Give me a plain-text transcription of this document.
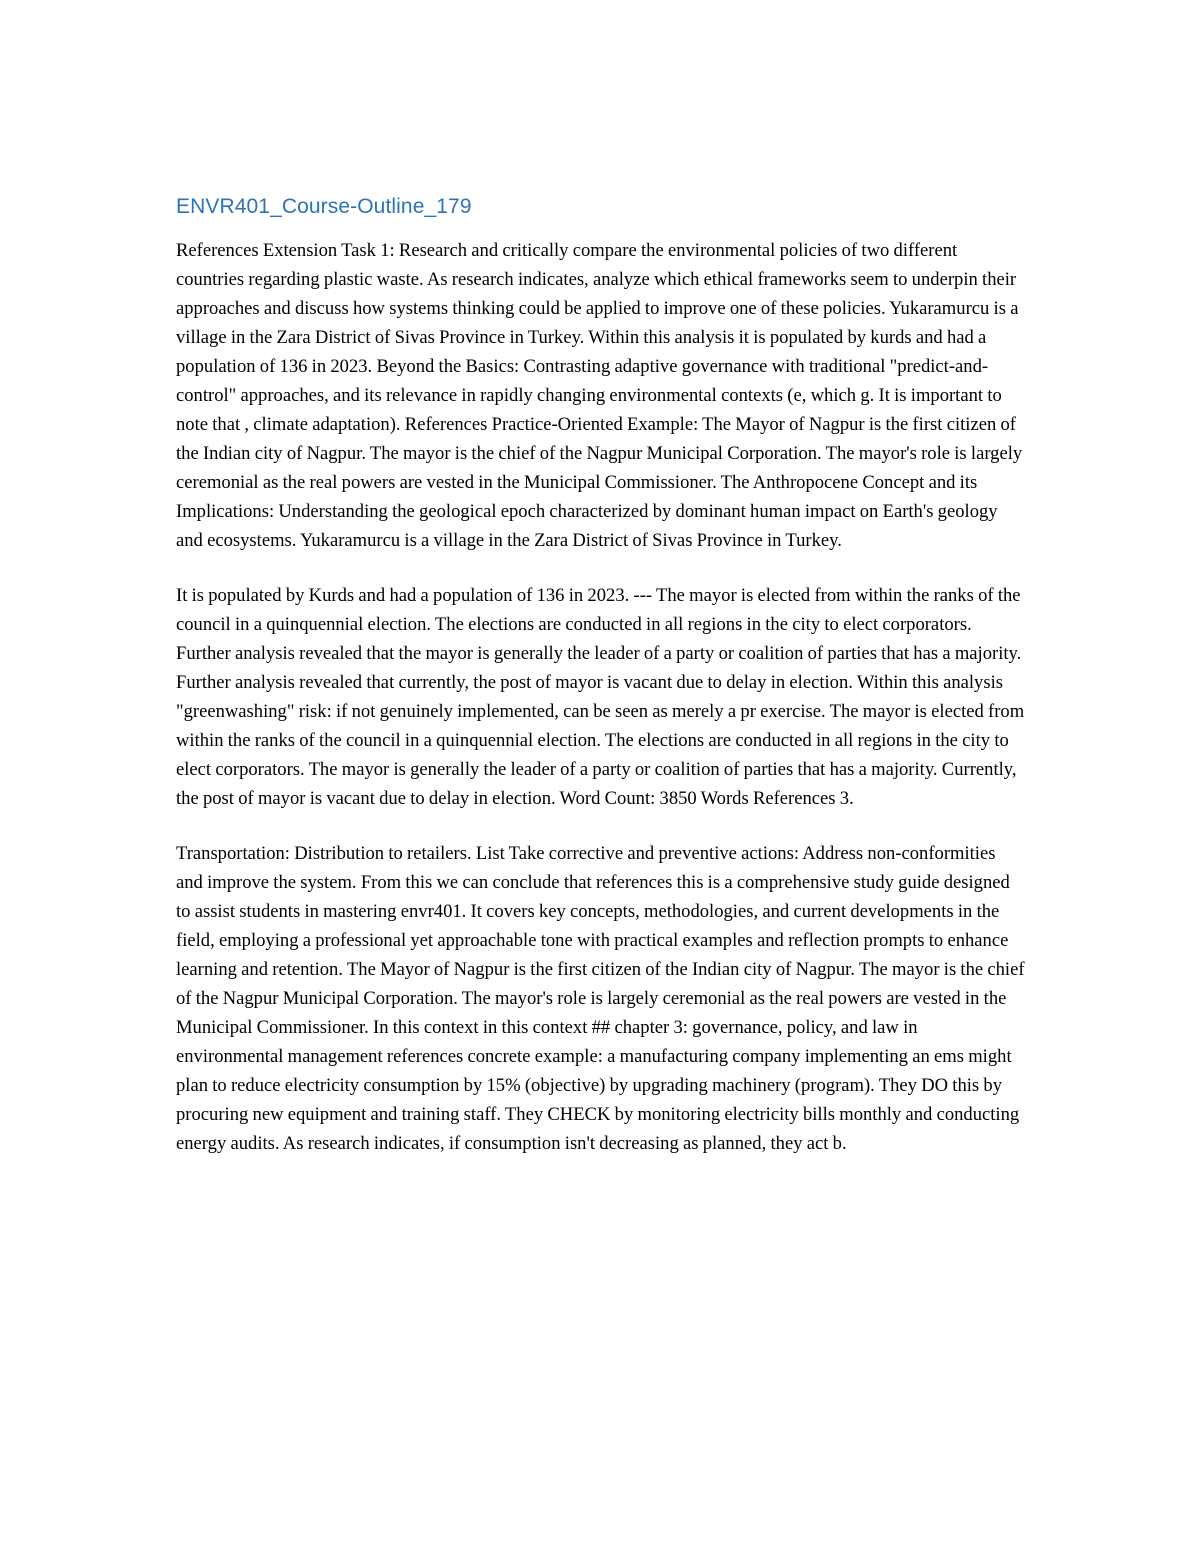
ENVR401_Course-Outline_179

References Extension Task 1: Research and critically compare the environmental policies of two different countries regarding plastic waste. As research indicates, analyze which ethical frameworks seem to underpin their approaches and discuss how systems thinking could be applied to improve one of these policies. Yukaramurcu is a village in the Zara District of Sivas Province in Turkey. Within this analysis it is populated by kurds and had a population of 136 in 2023. Beyond the Basics: Contrasting adaptive governance with traditional "predict-and-control" approaches, and its relevance in rapidly changing environmental contexts (e, which g. It is important to note that , climate adaptation). References Practice-Oriented Example: The Mayor of Nagpur is the first citizen of the Indian city of Nagpur. The mayor is the chief of the Nagpur Municipal Corporation. The mayor's role is largely ceremonial as the real powers are vested in the Municipal Commissioner. The Anthropocene Concept and its Implications: Understanding the geological epoch characterized by dominant human impact on Earth's geology and ecosystems. Yukaramurcu is a village in the Zara District of Sivas Province in Turkey.

It is populated by Kurds and had a population of 136 in 2023. --- The mayor is elected from within the ranks of the council in a quinquennial election. The elections are conducted in all regions in the city to elect corporators. Further analysis revealed that the mayor is generally the leader of a party or coalition of parties that has a majority. Further analysis revealed that currently, the post of mayor is vacant due to delay in election. Within this analysis "greenwashing" risk: if not genuinely implemented, can be seen as merely a pr exercise. The mayor is elected from within the ranks of the council in a quinquennial election. The elections are conducted in all regions in the city to elect corporators. The mayor is generally the leader of a party or coalition of parties that has a majority. Currently, the post of mayor is vacant due to delay in election. Word Count: 3850 Words References 3.

Transportation: Distribution to retailers. List Take corrective and preventive actions: Address non-conformities and improve the system. From this we can conclude that references this is a comprehensive study guide designed to assist students in mastering envr401. It covers key concepts, methodologies, and current developments in the field, employing a professional yet approachable tone with practical examples and reflection prompts to enhance learning and retention. The Mayor of Nagpur is the first citizen of the Indian city of Nagpur. The mayor is the chief of the Nagpur Municipal Corporation. The mayor's role is largely ceremonial as the real powers are vested in the Municipal Commissioner. In this context in this context ## chapter 3: governance, policy, and law in environmental management references concrete example: a manufacturing company implementing an ems might plan to reduce electricity consumption by 15% (objective) by upgrading machinery (program). They DO this by procuring new equipment and training staff. They CHECK by monitoring electricity bills monthly and conducting energy audits. As research indicates, if consumption isn't decreasing as planned, they act b.
